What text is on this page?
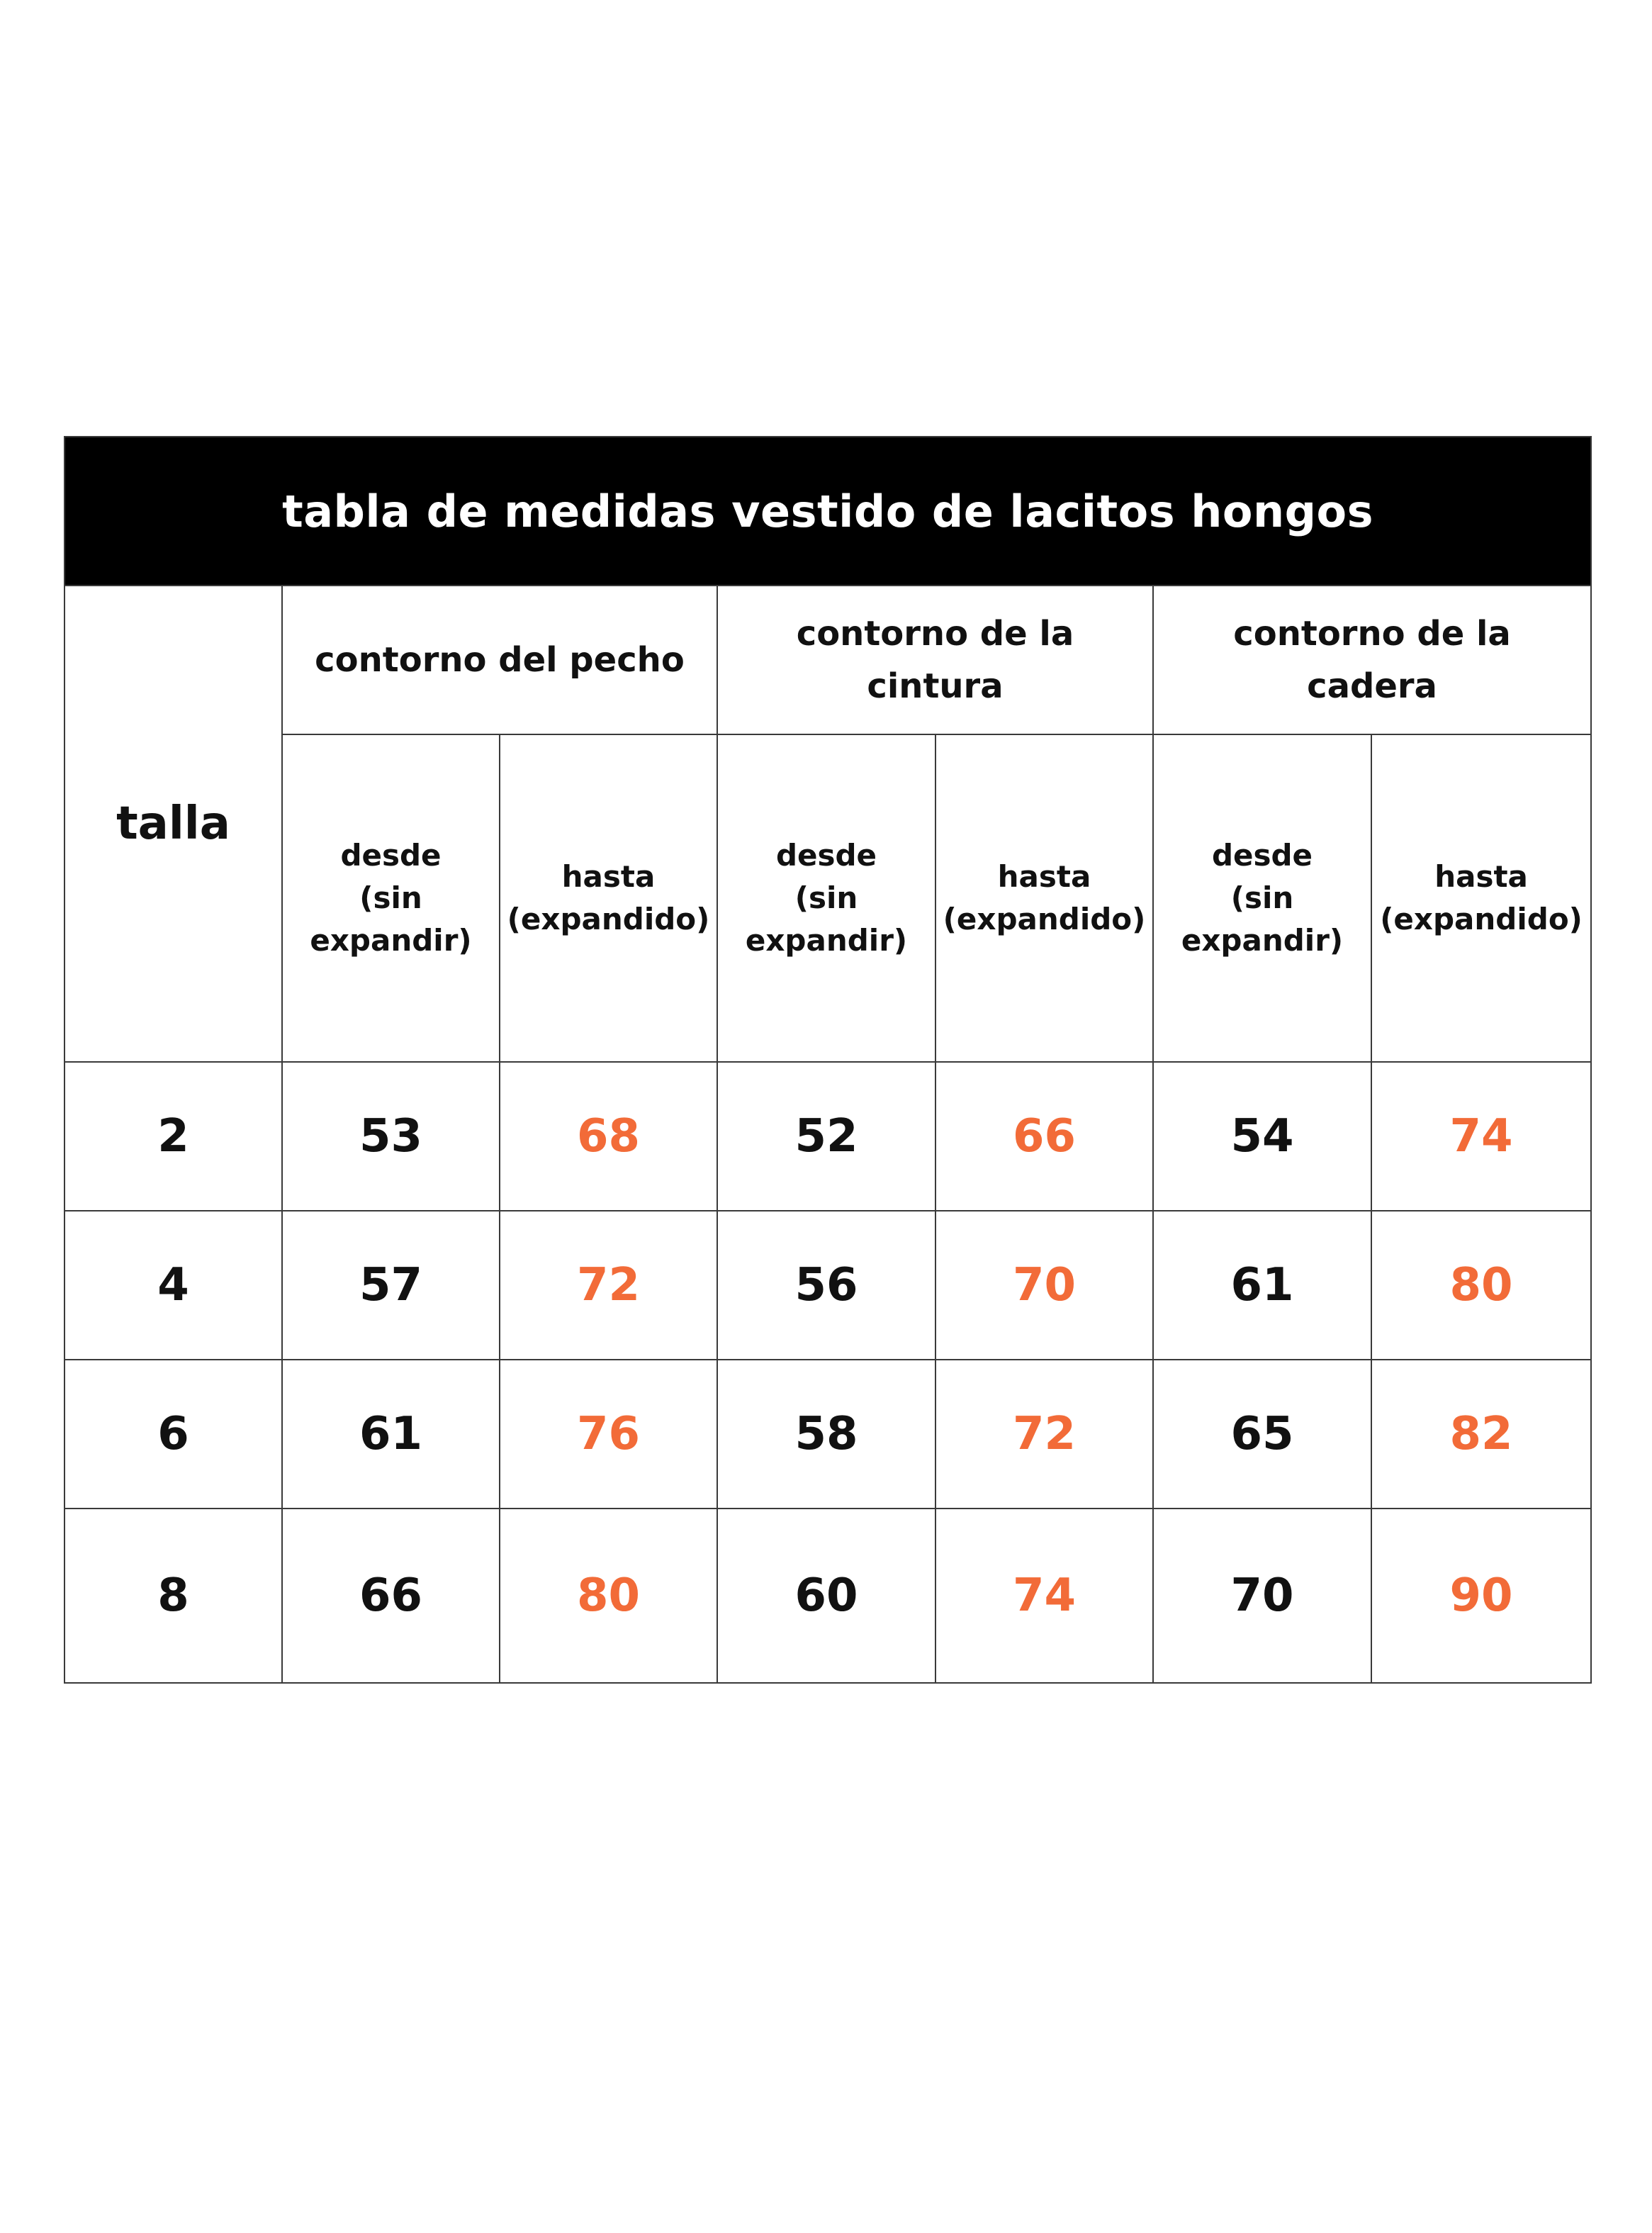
tabla de medidas vestido de lacitos hongos						
talla	contorno del pecho		contorno de la cintura		contorno de la cadera	
	desde (sin expandir)	hasta (expandido)	desde (sin expandir)	hasta (expandido)	desde (sin expandir)	hasta (expandido)
2	53	68	52	66	54	74
4	57	72	56	70	61	80
6	61	76	58	72	65	82
8	66	80	60	74	70	90
